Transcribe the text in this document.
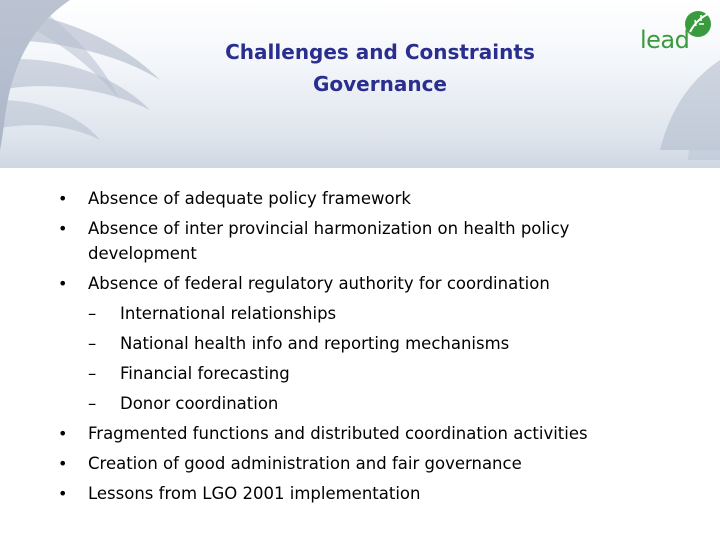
Challenges and Constraints
Governance
lead
• Absence of adequate policy framework
• Absence of inter provincial harmonization on health policy development
• Absence of federal regulatory authority for coordination
– International relationships
– National health info and reporting mechanisms
– Financial forecasting
– Donor coordination
• Fragmented functions and distributed coordination activities
• Creation of good administration and fair governance
• Lessons from LGO 2001 implementation
